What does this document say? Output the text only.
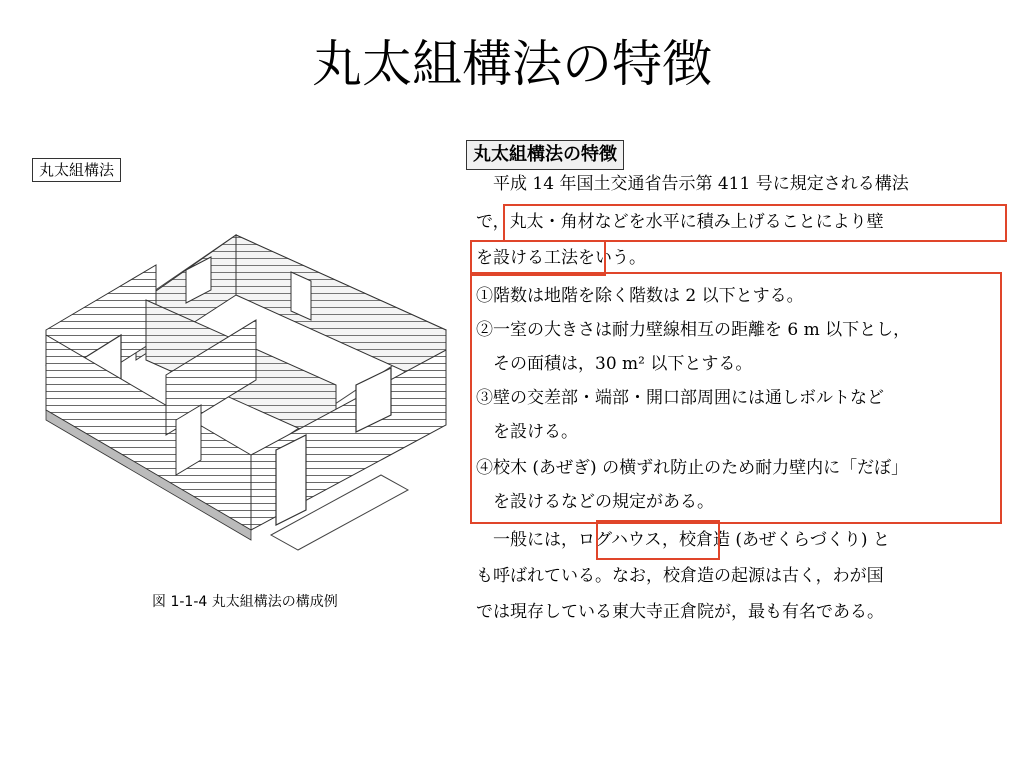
丸太組構法の特徴
丸太組構法
図 1-1-4 丸太組構法の構成例
丸太組構法の特徴
　平成 14 年国土交通省告示第 411 号に規定される構法
で，丸太・角材などを水平に積み上げることにより壁
を設ける工法をいう。
①階数は地階を除く階数は 2 以下とする。
②一室の大きさは耐力壁線相互の距離を 6 m 以下とし，
　その面積は，30 m² 以下とする。
③壁の交差部・端部・開口部周囲には通しボルトなど
　を設ける。
④校木 (あぜぎ) の横ずれ防止のため耐力壁内に「だぼ」
　を設けるなどの規定がある。
　一般には，ログハウス，校倉造 (あぜくらづくり) と
も呼ばれている。なお，校倉造の起源は古く，わが国
では現存している東大寺正倉院が，最も有名である。
